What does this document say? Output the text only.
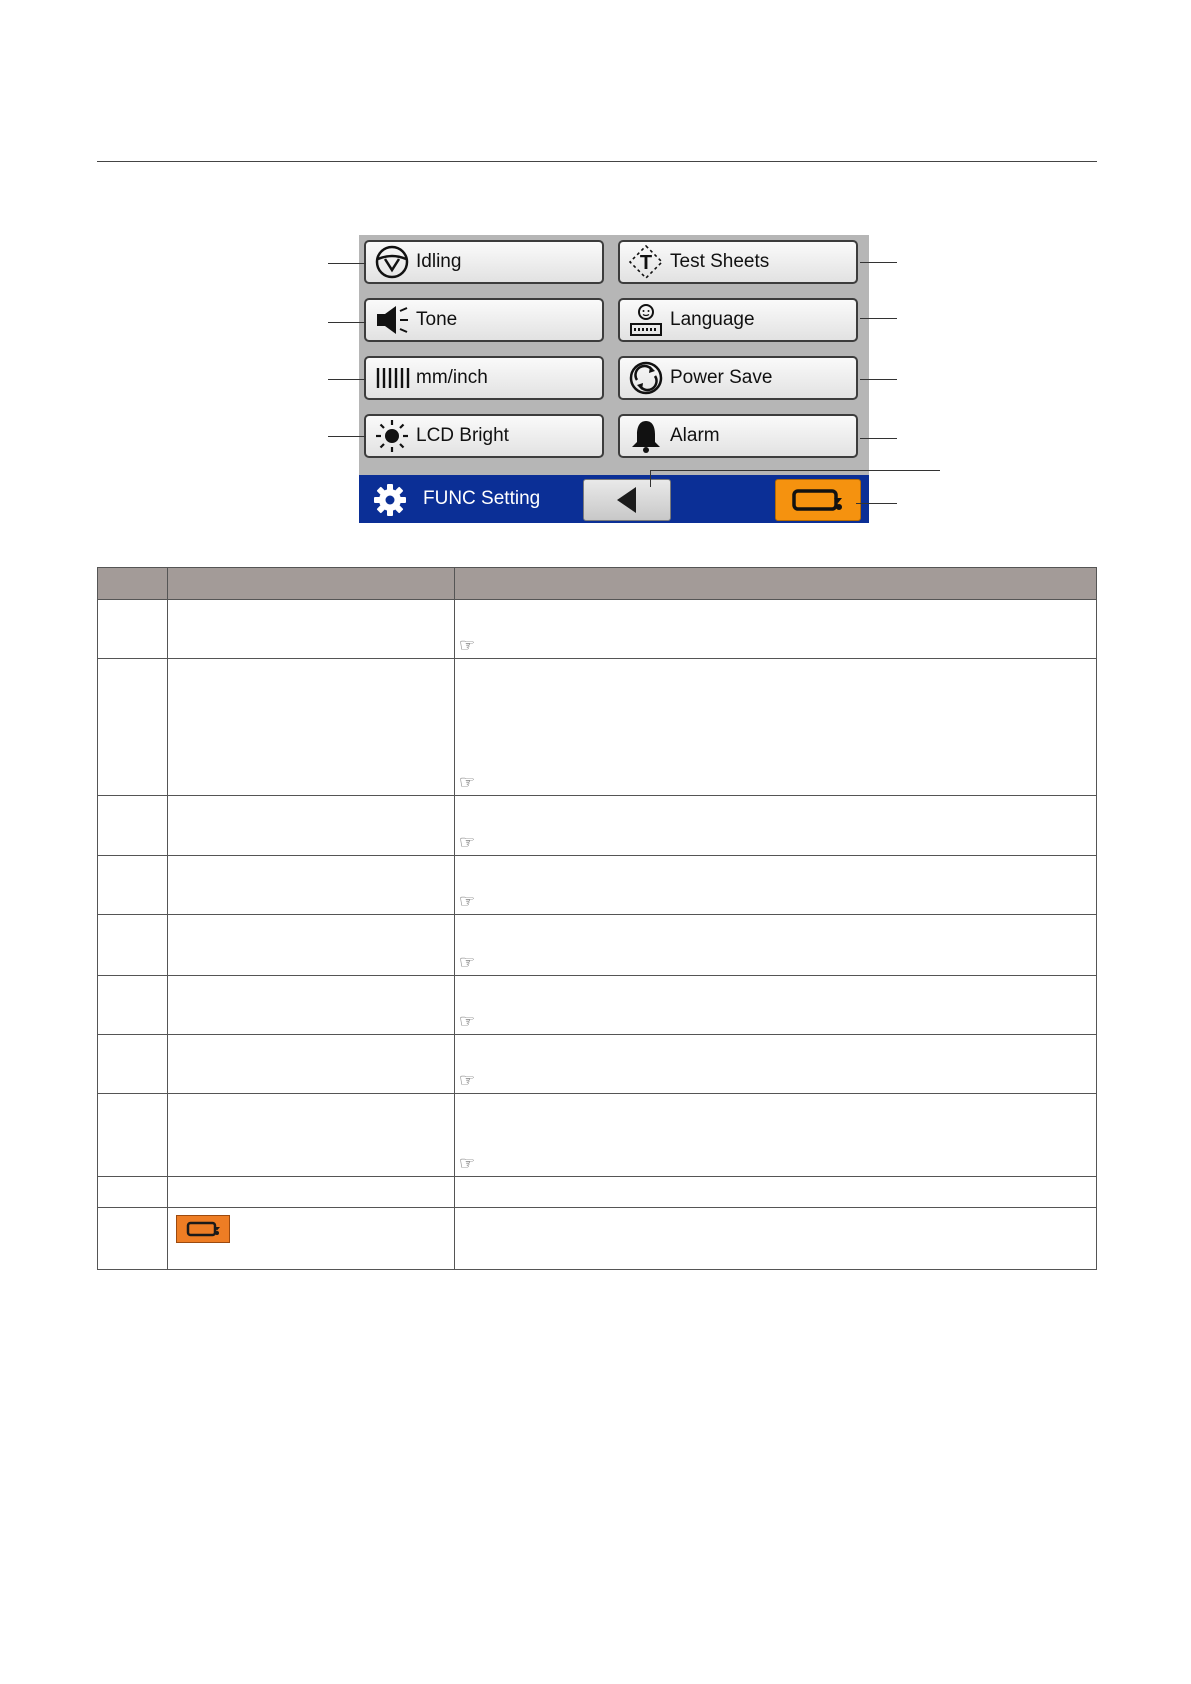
Idling	T Test Sheets
Tone	Language
mm/inch	Power Save
LCD Bright	Alarm
FUNC Setting

		☞

		☞

		☞

		☞

		☞

		☞

		☞

		☞
